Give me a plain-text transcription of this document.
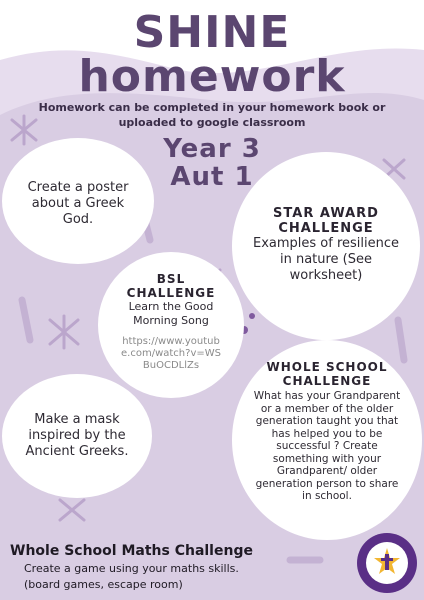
SHINE
homework
Homework can be completed in your homework book or uploaded to google classroom
Year 3
Aut 1
Create a poster about a Greek God.	STAR AWARD CHALLENGE
Examples of resilience in nature (See worksheet)
BSL CHALLENGE
Learn the Good Morning Song
https://www.youtube.com/watch?v=WSBuOCDLlZs
Make a mask inspired by the Ancient Greeks.
WHOLE SCHOOL CHALLENGE
What has your Grandparent or a member of the older generation taught you that has helped you to be successful ? Create something with your Grandparent/ older generation person to share in school.
Whole School Maths Challenge
Create a game using your maths skills.
(board games, escape room)
